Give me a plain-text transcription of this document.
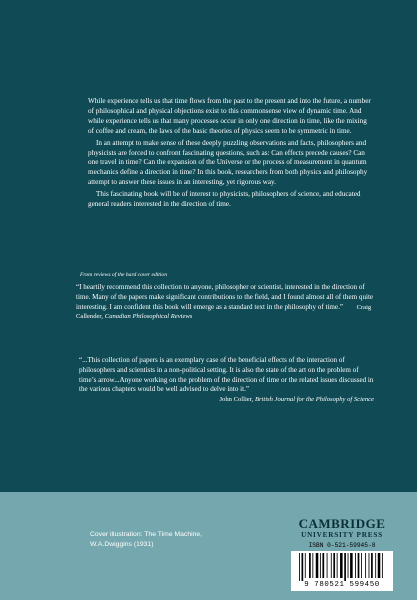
While experience tells us that time flows from the past to the present and into the future, a number of philosophical and physical objections exist to this commonsense view of dynamic time. And while experience tells us that many processes occur in only one direction in time, like the mixing of coffee and cream, the laws of the basic theories of physics seem to be symmetric in time.

In an attempt to make sense of these deeply puzzling observations and facts, philosophers and physicists are forced to confront fascinating questions, such as: Can effects precede causes? Can one travel in time? Can the expansion of the Universe or the process of measurement in quantum mechanics define a direction in time? In this book, researchers from both physics and philosophy attempt to answer these issues in an interesting, yet rigorous way.

This fascinating book will be of interest to physicists, philosophers of science, and educated general readers interested in the direction of time.

From reviews of the hard cover edition
“I heartily recommend this collection to anyone, philosopher or scientist, interested in the direction of time. Many of the papers make significant contributions to the field, and I found almost all of them quite interesting. I am confident this book will emerge as a standard text in the philosophy of time.” Craig Callender, Canadian Philosophical Reviews
“...This collection of papers is an exemplary case of the beneficial effects of the interaction of philosophers and scientists in a non-political setting. It is also the state of the art on the problem of time’s arrow...Anyone working on the problem of the direction of time or the related issues discussed in the various chapters would be well advised to delve into it.”
John Collier, British Journal for the Philosophy of Science
Cover illustration: The Time Machine,
W.A.Dwiggins (1931)
CAMBRIDGE
UNIVERSITY PRESS
ISBN 0-521-59945-8
9 780521 599450
